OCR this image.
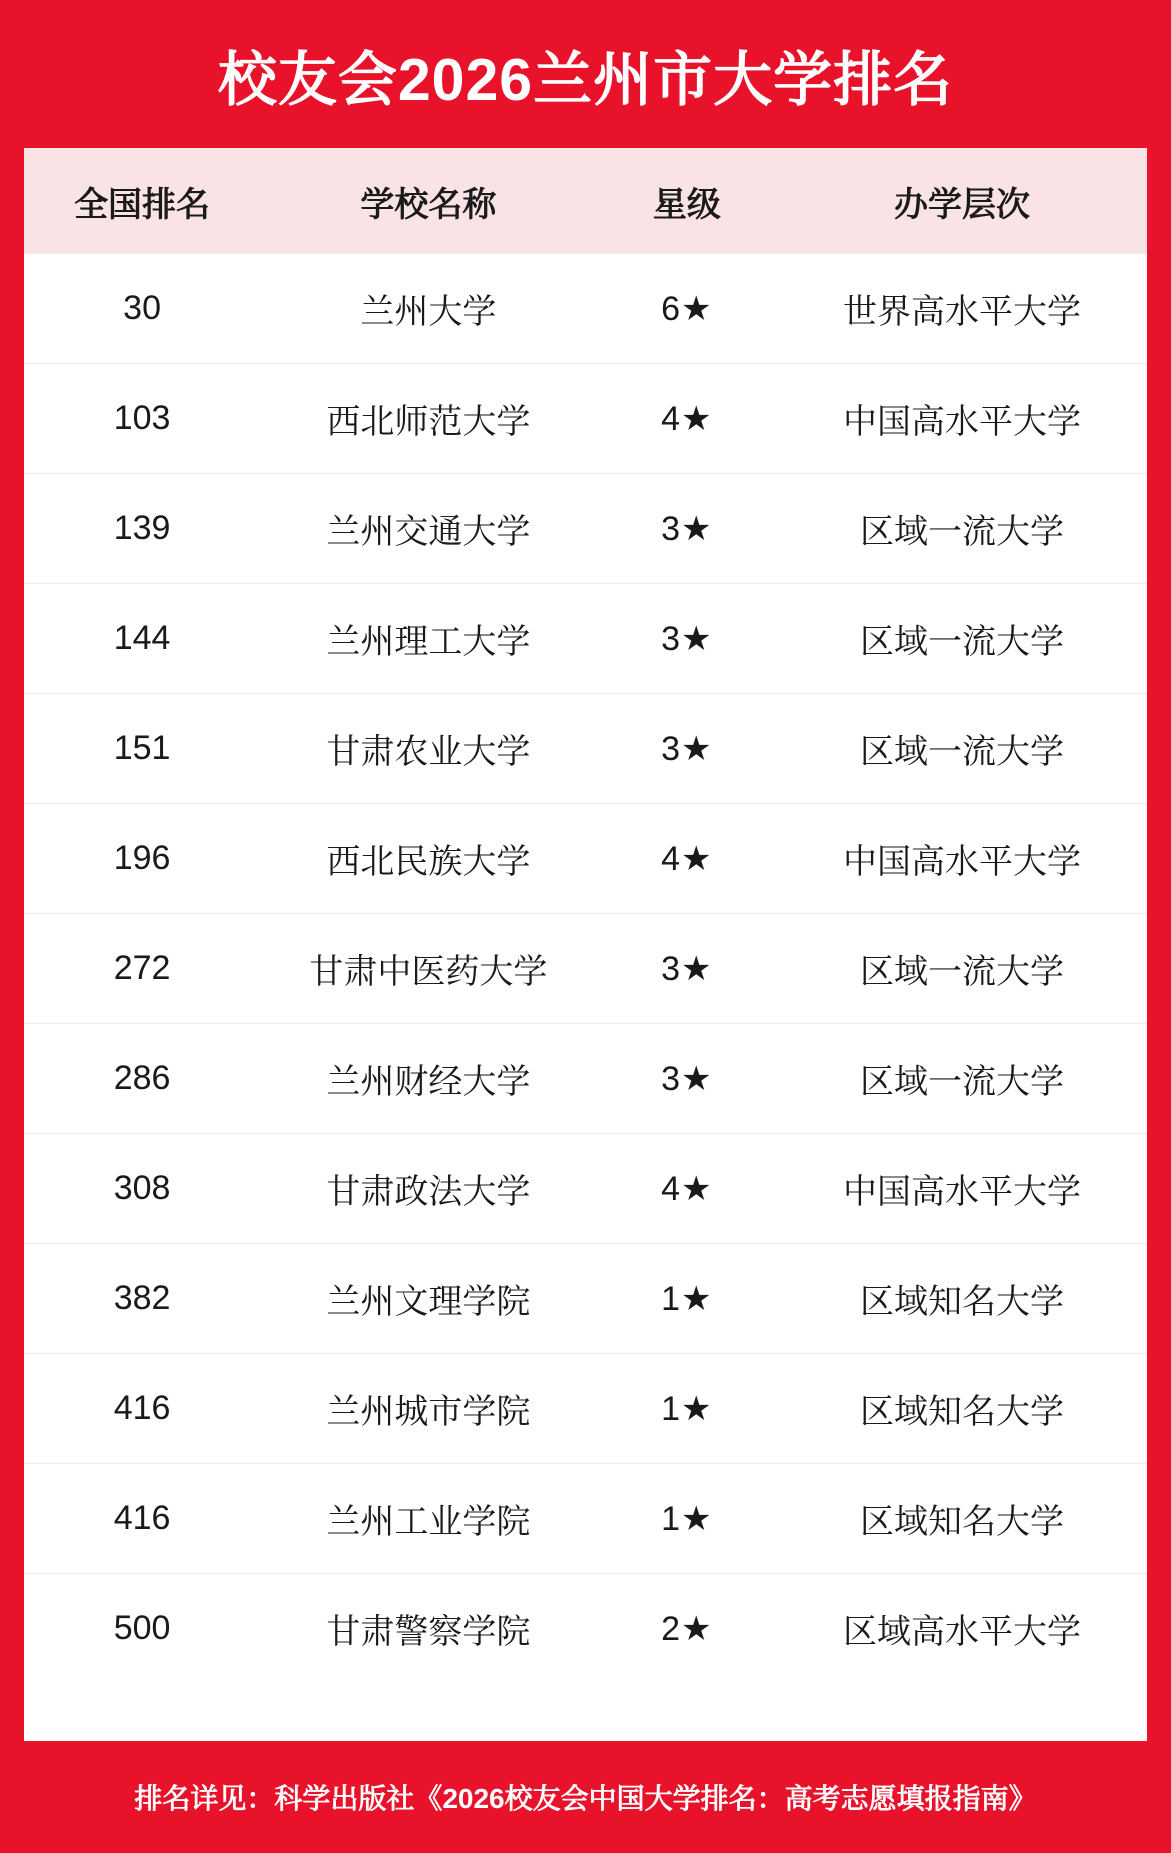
校友会2026兰州市大学排名
全国排名	学校名称	星级	办学层次
30	兰州大学	6★	世界高水平大学
103	西北师范大学	4★	中国高水平大学
139	兰州交通大学	3★	区域一流大学
144	兰州理工大学	3★	区域一流大学
151	甘肃农业大学	3★	区域一流大学
196	西北民族大学	4★	中国高水平大学
272	甘肃中医药大学	3★	区域一流大学
286	兰州财经大学	3★	区域一流大学
308	甘肃政法大学	4★	中国高水平大学
382	兰州文理学院	1★	区域知名大学
416	兰州城市学院	1★	区域知名大学
416	兰州工业学院	1★	区域知名大学
500	甘肃警察学院	2★	区域高水平大学
排名详见：科学出版社《2026校友会中国大学排名：高考志愿填报指南》
